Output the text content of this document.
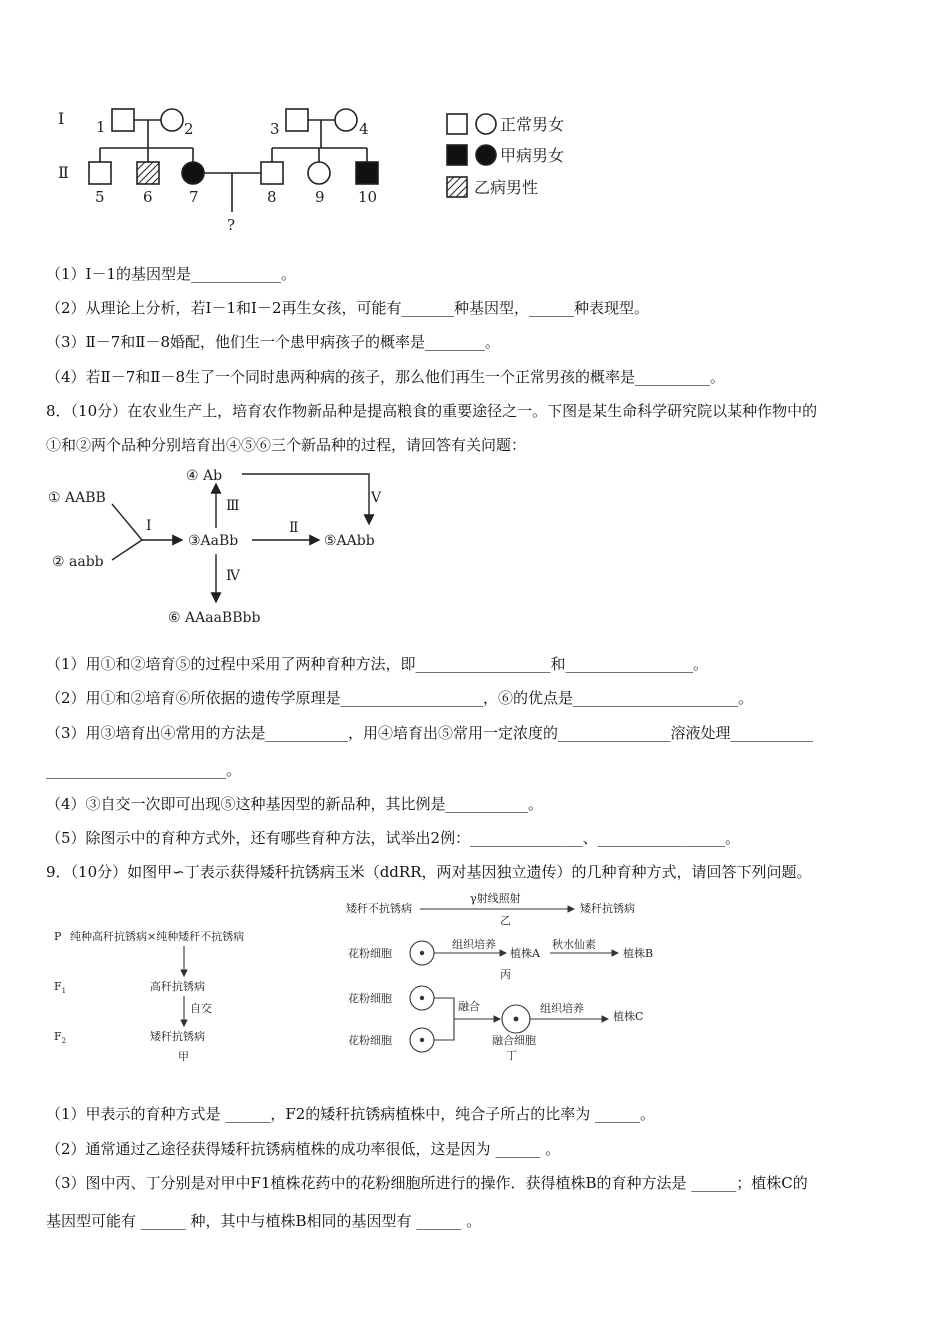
Ⅰ
Ⅱ
1	2	3	4
5	6 7	8	9 10
?
正常男女
甲病男女
乙病男性
（1）Ⅰ－1的基因型是____________。
（2）从理论上分析，若Ⅰ－1和Ⅰ－2再生女孩，可能有_______种基因型，______种表现型。
（3）Ⅱ－7和Ⅱ－8婚配，他们生一个患甲病孩子的概率是________。
（4）若Ⅱ－7和Ⅱ－8生了一个同时患两种病的孩子，那么他们再生一个正常男孩的概率是__________。
8．（10分）在农业生产上，培育农作物新品种是提高粮食的重要途径之一。下图是某生命科学研究院以某种作物中的
①和②两个品种分别培育出④⑤⑥三个新品种的过程，请回答有关问题：
① AABB
② aabb
③AaBb
④ Ab
⑤AAbb
⑥ AAaaBBbb
Ⅰ	Ⅱ
Ⅲ
Ⅳ
Ⅴ
（1）用①和②培育⑤的过程中采用了两种育种方法，即__________________和_________________。
（2）用①和②培育⑥所依据的遗传学原理是___________________，⑥的优点是______________________。
（3）用③培育出④常用的方法是___________，用④培育出⑤常用一定浓度的_______________溶液处理___________
________________________。
（4）③自交一次即可出现⑤这种基因型的新品种，其比例是___________。
（5）除图示中的育种方式外，还有哪些育种方法，试举出2例：_______________、_________________。
9．（10分）如图甲∽丁表示获得矮秆抗锈病玉米（ddRR，两对基因独立遗传）的几种育种方式，请回答下列问题。
P 纯种高秆抗锈病×纯种矮秆不抗锈病
$F_1$	高秆抗锈病
自交
$F_2$	矮秆抗锈病
甲
矮秆不抗锈病
γ射线照射
矮秆抗锈病
乙
花粉细胞
组织培养
植株A
秋水仙素
植株B
丙
花粉细胞
花粉细胞
融合	组织培养
植株C
融合细胞
丁
（1）甲表示的育种方式是 ______，F2的矮秆抗锈病植株中，纯合子所占的比率为 ______。
（2）通常通过乙途径获得矮秆抗锈病植株的成功率很低，这是因为 ______ 。
（3）图中丙、丁分别是对甲中F1植株花药中的花粉细胞所进行的操作．获得植株B的育种方法是 ______；植株C的
基因型可能有 ______ 种，其中与植株B相同的基因型有 ______ 。
